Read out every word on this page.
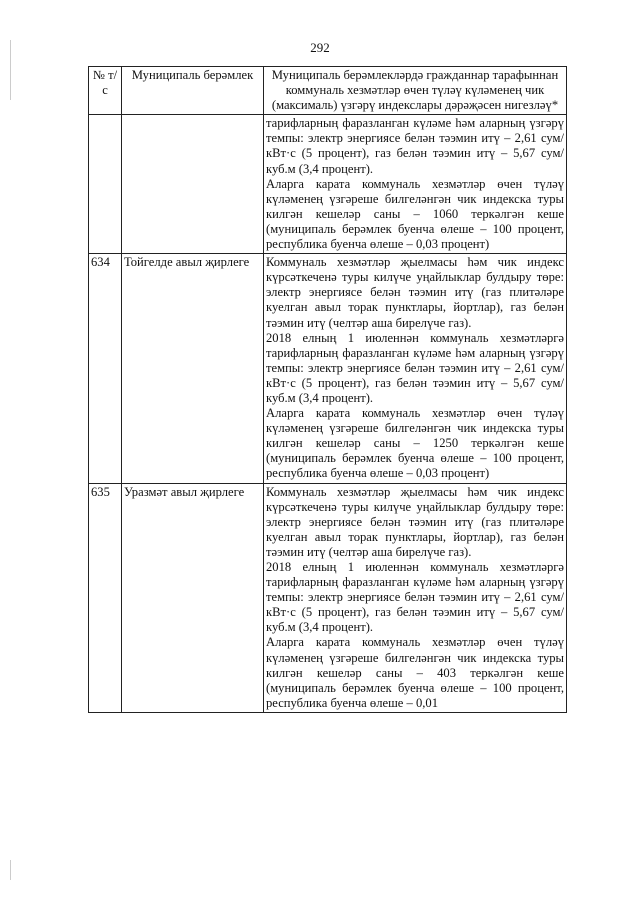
292
№ т/с	Муниципаль берәмлек	Муниципаль берәмлекләрдә гражданнар тарафыннан коммуналь хезмәтләр өчен түләү күләменең чик (максималь) үзгәрү индекслары дәрәҗәсен нигезләү*

		тарифларның фаразланган күләме һәм аларның үзгәрү темпы: электр энергиясе белән тәэмин итү – 2,61 сум/кВт·с (5 процент), газ белән тәэмин итү – 5,67 сум/куб.м (3,4 процент).

Аларга карата коммуналь хезмәтләр өчен түләү күләменең үзгәреше билгеләнгән чик индекска туры килгән кешеләр саны – 1060 теркәлгән кеше (муниципаль берәмлек буенча өлеше – 100 процент, республика буенча өлеше – 0,03 процент)

634	Тойгелде авыл җирлеге	Коммуналь хезмәтләр җыелмасы һәм чик индекс күрсәткеченә туры килүче уңайлыклар булдыру төре: электр энергиясе белән тәэмин итү (газ плитәләре куелган авыл торак пунктлары, йортлар), газ белән тәэмин итү (челтәр аша бирелүче газ).

2018 елның 1 июленнән коммуналь хезмәтләргә тарифларның фаразланган күләме һәм аларның үзгәрү темпы: электр энергиясе белән тәэмин итү – 2,61 сум/кВт·с (5 процент), газ белән тәэмин итү – 5,67 сум/куб.м (3,4 процент).

Аларга карата коммуналь хезмәтләр өчен түләү күләменең үзгәреше билгеләнгән чик индекска туры килгән кешеләр саны – 1250 теркәлгән кеше (муниципаль берәмлек буенча өлеше – 100 процент, республика буенча өлеше – 0,03 процент)

635	Уразмәт авыл җирлеге	Коммуналь хезмәтләр җыелмасы һәм чик индекс күрсәткеченә туры килүче уңайлыклар булдыру төре: электр энергиясе белән тәэмин итү (газ плитәләре куелган авыл торак пунктлары, йортлар), газ белән тәэмин итү (челтәр аша бирелүче газ).

2018 елның 1 июленнән коммуналь хезмәтләргә тарифларның фаразланган күләме һәм аларның үзгәрү темпы: электр энергиясе белән тәэмин итү – 2,61 сум/кВт·с (5 процент), газ белән тәэмин итү – 5,67 сум/куб.м (3,4 процент).

Аларга карата коммуналь хезмәтләр өчен түләү күләменең үзгәреше билгеләнгән чик индекска туры килгән кешеләр саны – 403 теркәлгән кеше (муниципаль берәмлек буенча өлеше – 100 процент, республика буенча өлеше – 0,01
